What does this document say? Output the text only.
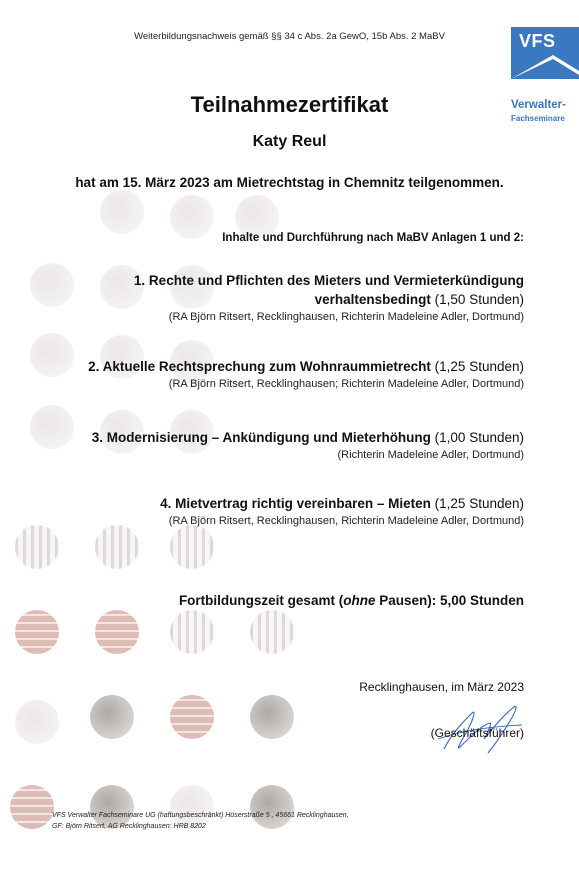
Weiterbildungsnachweis gemäß §§ 34 c Abs. 2a GewO, 15b Abs. 2 MaBV	VFS
Verwalter-
Fachseminare
Teilnahmezertifikat
Katy Reul
hat am 15. März 2023 am Mietrechtstag in Chemnitz teilgenommen.
Inhalte und Durchführung nach MaBV Anlagen 1 und 2:
1. Rechte und Pflichten des Mieters und Vermieterkündigung
verhaltensbedingt (1,50 Stunden)
(RA Björn Ritsert, Recklinghausen, Richterin Madeleine Adler, Dortmund)
2. Aktuelle Rechtsprechung zum Wohnraummietrecht (1,25 Stunden)
(RA Björn Ritsert, Recklinghausen; Richterin Madeleine Adler, Dortmund)
3. Modernisierung – Ankündigung und Mieterhöhung (1,00 Stunden)
(Richterin Madeleine Adler, Dortmund)
4. Mietvertrag richtig vereinbaren – Mieten (1,25 Stunden)
(RA Björn Ritsert, Recklinghausen, Richterin Madeleine Adler, Dortmund)
Fortbildungszeit gesamt (ohne Pausen): 5,00 Stunden
Recklinghausen, im März 2023
(Geschäftsführer)
VFS Verwalter Fachseminare UG (haftungsbeschränkt) Hüserstraße 5 , 45661 Recklinghausen,
GF: Björn Ritsert, AG Recklinghausen: HRB 8202
